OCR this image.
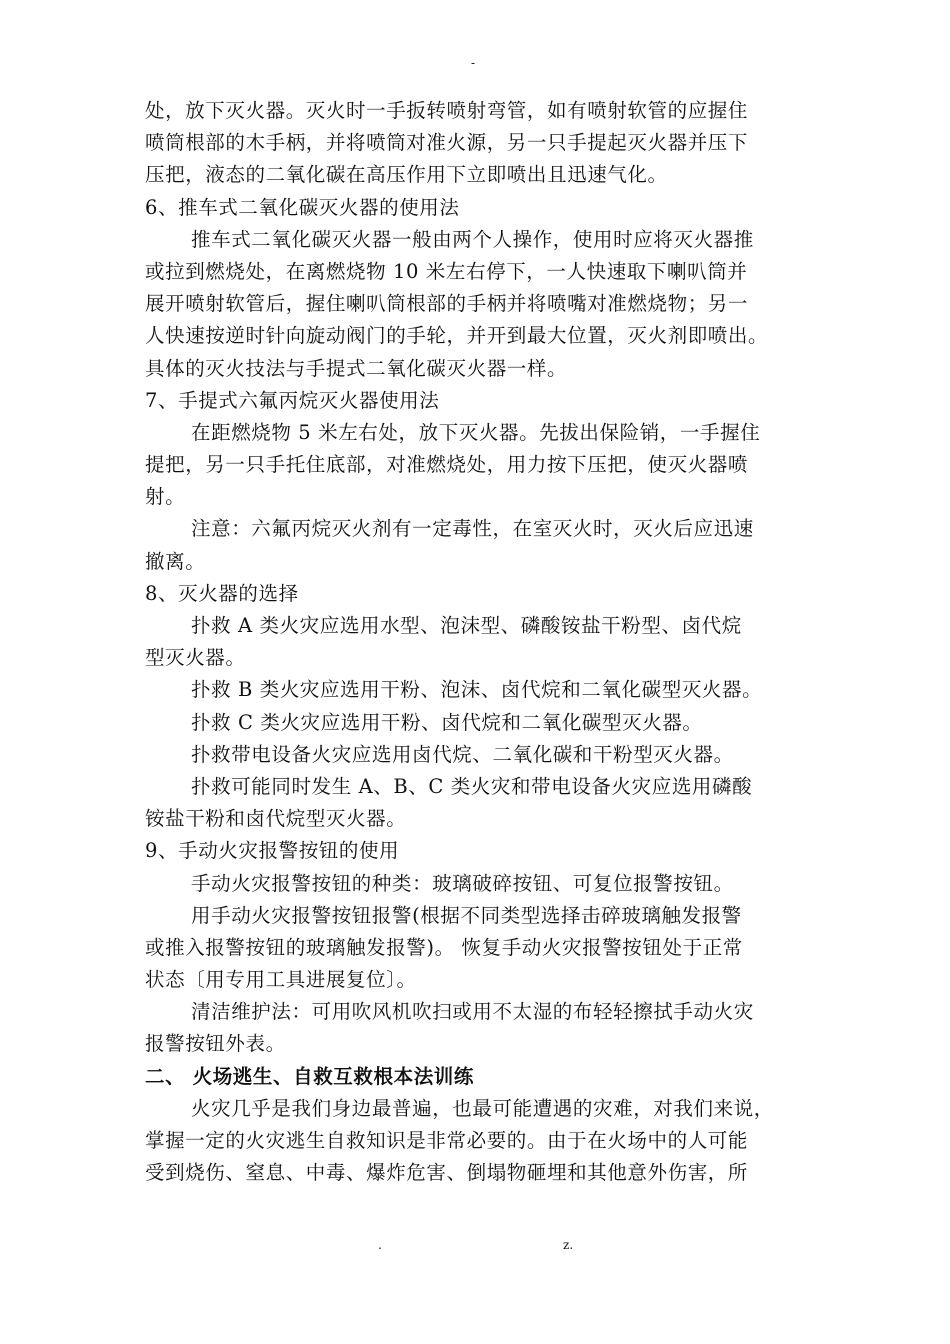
-
处，放下灭火器。灭火时一手扳转喷射弯管，如有喷射软管的应握住
喷筒根部的木手柄，并将喷筒对准火源，另一只手提起灭火器并压下
压把，液态的二氧化碳在高压作用下立即喷出且迅速气化。
6、推车式二氧化碳灭火器的使用法
推车式二氧化碳灭火器一般由两个人操作，使用时应将灭火器推
或拉到燃烧处，在离燃烧物 10 米左右停下，一人快速取下喇叭筒并
展开喷射软管后，握住喇叭筒根部的手柄并将喷嘴对准燃烧物；另一
人快速按逆时针向旋动阀门的手轮，并开到最大位置，灭火剂即喷出。
具体的灭火技法与手提式二氧化碳灭火器一样。
7、手提式六氟丙烷灭火器使用法
在距燃烧物 5 米左右处，放下灭火器。先拔出保险销，一手握住
提把，另一只手托住底部，对准燃烧处，用力按下压把，使灭火器喷
射。
注意：六氟丙烷灭火剂有一定毒性，在室灭火时，灭火后应迅速
撤离。
8、灭火器的选择
扑救 A 类火灾应选用水型、泡沫型、磷酸铵盐干粉型、卤代烷
型灭火器。
扑救 B 类火灾应选用干粉、泡沫、卤代烷和二氧化碳型灭火器。
扑救 C 类火灾应选用干粉、卤代烷和二氧化碳型灭火器。
扑救带电设备火灾应选用卤代烷、二氧化碳和干粉型灭火器。
扑救可能同时发生 A、B、C 类火灾和带电设备火灾应选用磷酸
铵盐干粉和卤代烷型灭火器。
9、手动火灾报警按钮的使用
手动火灾报警按钮的种类：玻璃破碎按钮、可复位报警按钮。
用手动火灾报警按钮报警(根据不同类型选择击碎玻璃触发报警
或推入报警按钮的玻璃触发报警)。 恢复手动火灾报警按钮处于正常
状态〔用专用工具进展复位〕。
清洁维护法：可用吹风机吹扫或用不太湿的布轻轻擦拭手动火灾
报警按钮外表。
二、 火场逃生、自救互救根本法训练
火灾几乎是我们身边最普遍，也最可能遭遇的灾难，对我们来说，
掌握一定的火灾逃生自救知识是非常必要的。由于在火场中的人可能
受到烧伤、窒息、中毒、爆炸危害、倒塌物砸埋和其他意外伤害，所
.	z.
